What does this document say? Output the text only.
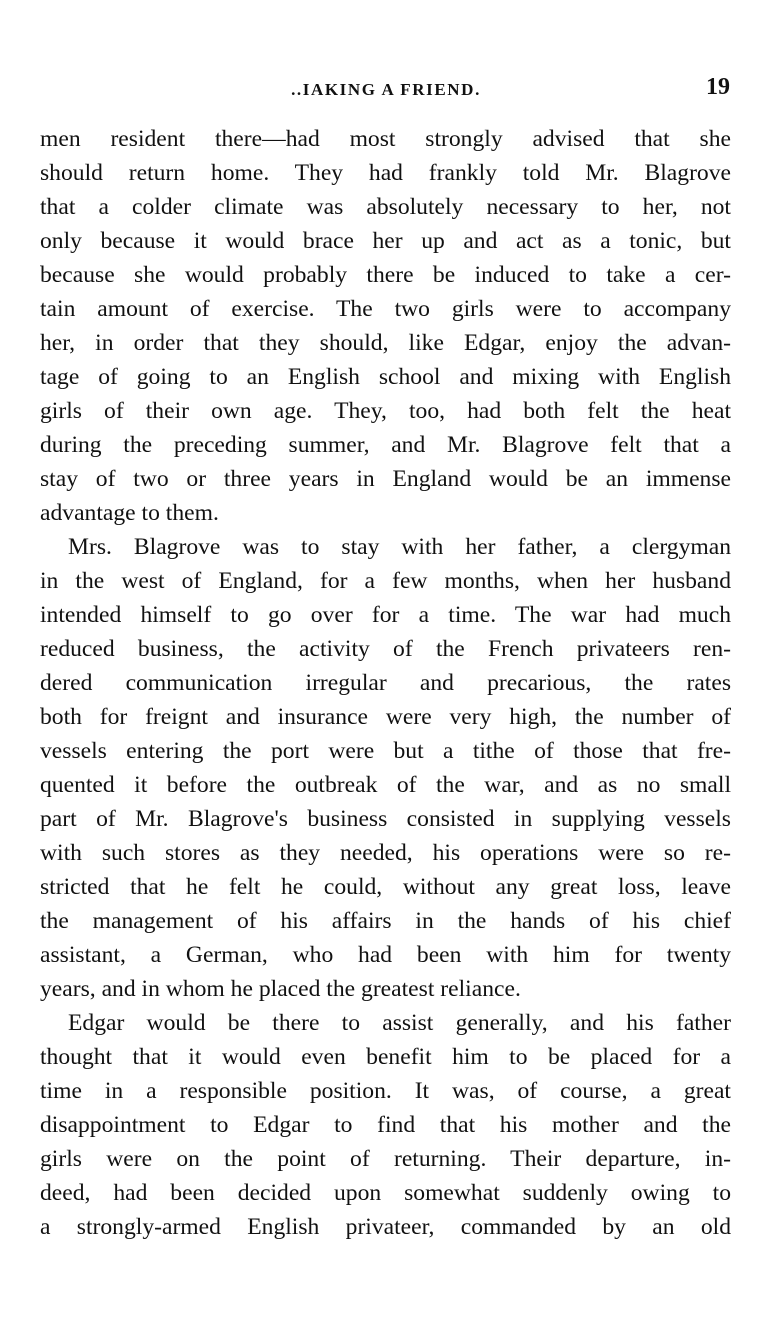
..IAKING A FRIEND.	19
men resident there—had most strongly advised that she
should return home. They had frankly told Mr. Blagrove
that a colder climate was absolutely necessary to her, not
only because it would brace her up and act as a tonic, but
because she would probably there be induced to take a cer-
tain amount of exercise. The two girls were to accompany
her, in order that they should, like Edgar, enjoy the advan-
tage of going to an English school and mixing with English
girls of their own age. They, too, had both felt the heat
during the preceding summer, and Mr. Blagrove felt that a
stay of two or three years in England would be an immense
advantage to them.
Mrs. Blagrove was to stay with her father, a clergyman
in the west of England, for a few months, when her husband
intended himself to go over for a time. The war had much
reduced business, the activity of the French privateers ren-
dered communication irregular and precarious, the rates
both for freignt and insurance were very high, the number of
vessels entering the port were but a tithe of those that fre-
quented it before the outbreak of the war, and as no small
part of Mr. Blagrove's business consisted in supplying vessels
with such stores as they needed, his operations were so re-
stricted that he felt he could, without any great loss, leave
the management of his affairs in the hands of his chief
assistant, a German, who had been with him for twenty
years, and in whom he placed the greatest reliance.
Edgar would be there to assist generally, and his father
thought that it would even benefit him to be placed for a
time in a responsible position. It was, of course, a great
disappointment to Edgar to find that his mother and the
girls were on the point of returning. Their departure, in-
deed, had been decided upon somewhat suddenly owing to
a strongly-armed English privateer, commanded by an old
